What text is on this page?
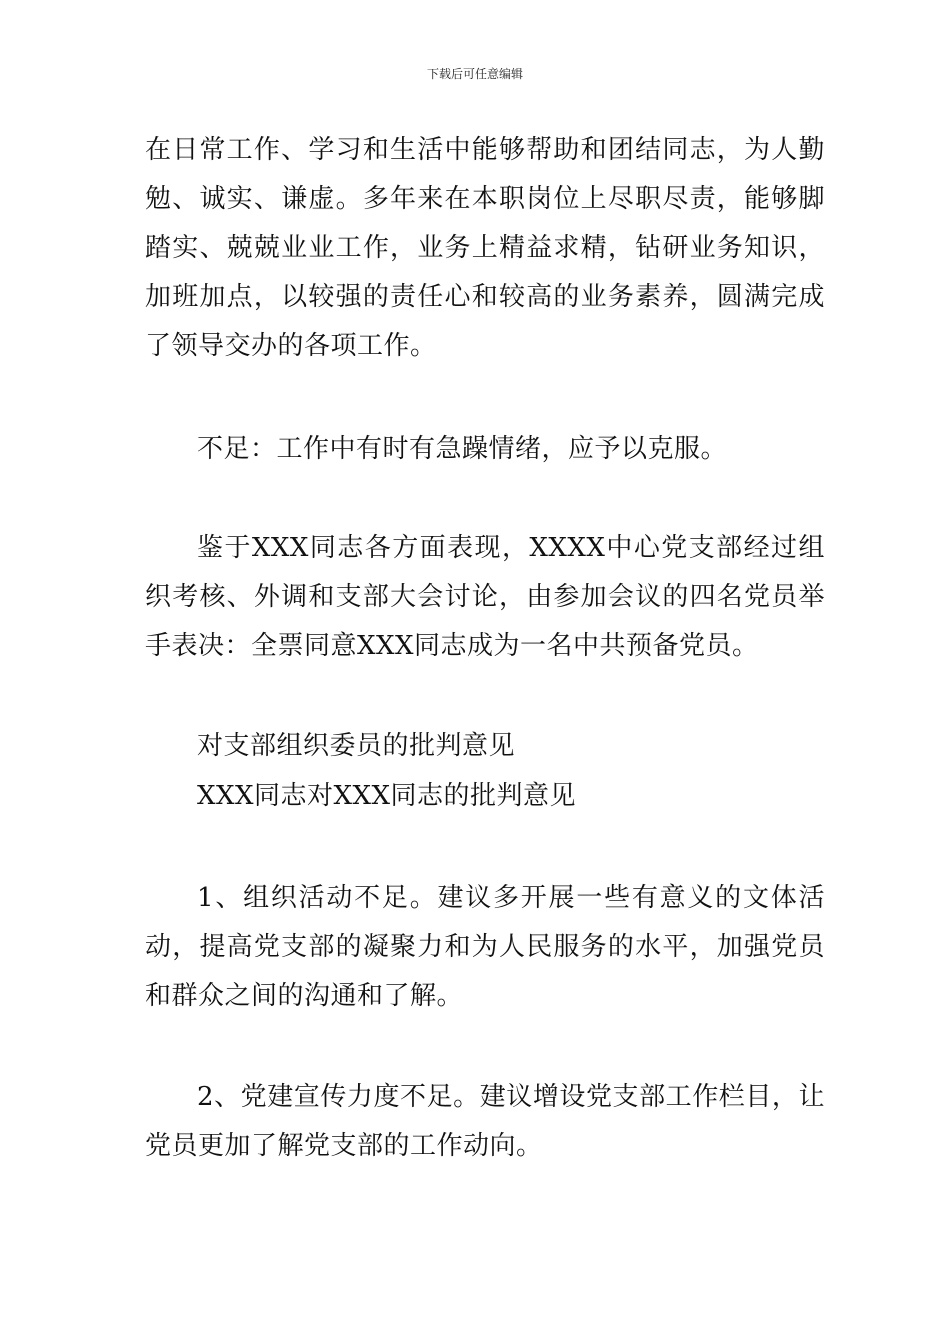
下载后可任意编辑

在日常工作、学习和生活中能够帮助和团结同志，为人勤勉、诚实、谦虚。多年来在本职岗位上尽职尽责，能够脚踏实、兢兢业业工作，业务上精益求精，钻研业务知识，加班加点，以较强的责任心和较高的业务素养，圆满完成了领导交办的各项工作。

不足：工作中有时有急躁情绪，应予以克服。

鉴于XXX同志各方面表现，XXXX中心党支部经过组织考核、外调和支部大会讨论，由参加会议的四名党员举手表决：全票同意XXX同志成为一名中共预备党员。

对支部组织委员的批判意见

XXX同志对XXX同志的批判意见

1、组织活动不足。建议多开展一些有意义的文体活动，提高党支部的凝聚力和为人民服务的水平，加强党员和群众之间的沟通和了解。

2、党建宣传力度不足。建议增设党支部工作栏目，让党员更加了解党支部的工作动向。
